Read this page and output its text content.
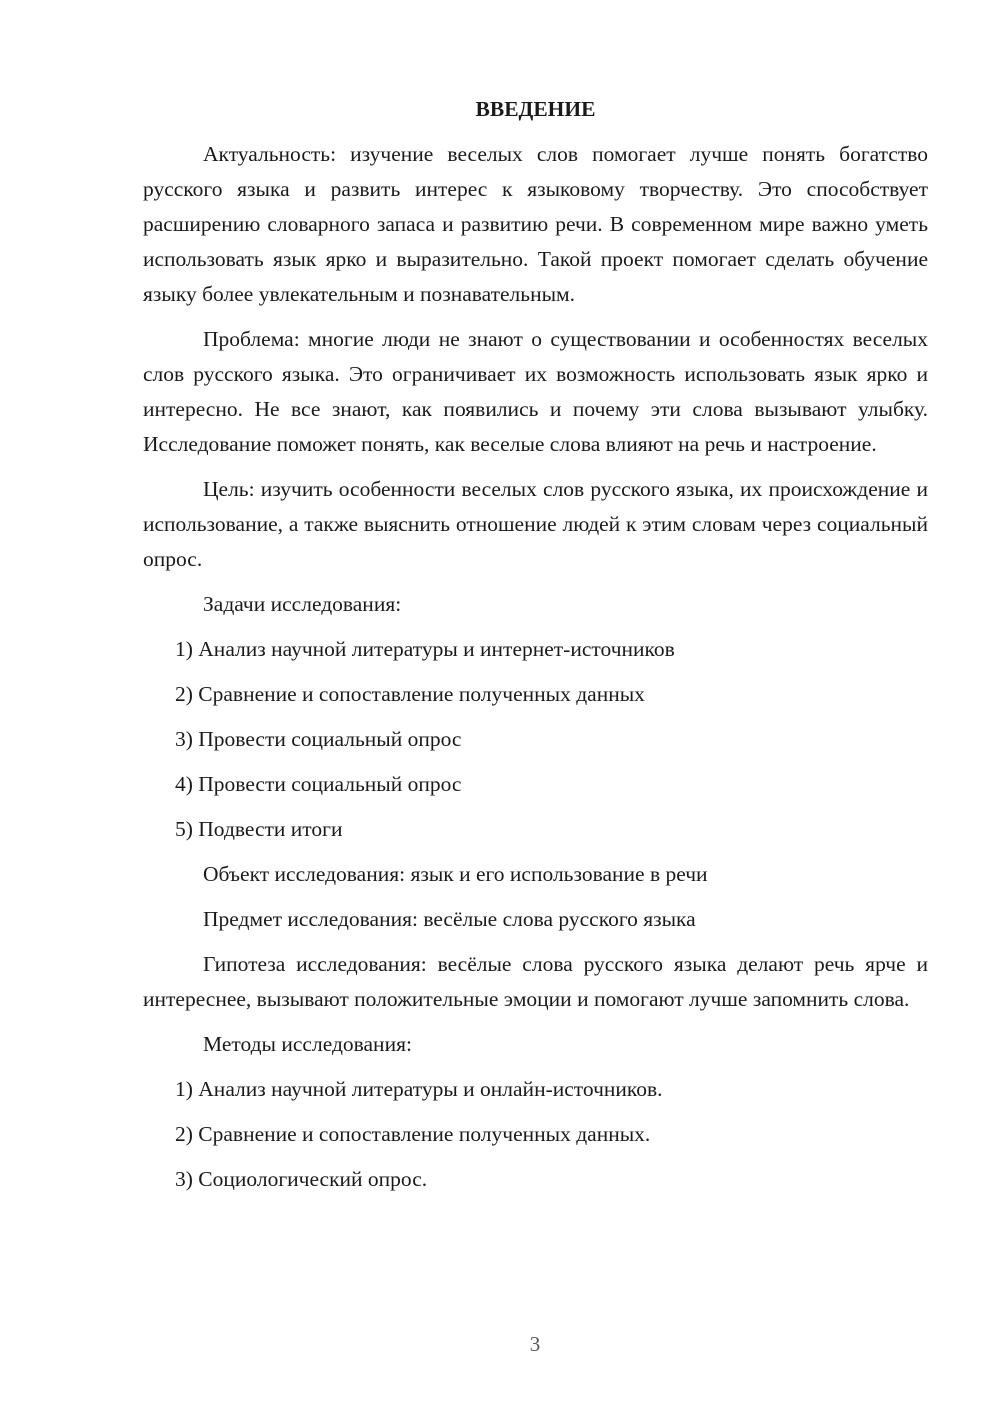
ВВЕДЕНИЕ

Актуальность: изучение веселых слов помогает лучше понять богатство русского языка и развить интерес к языковому творчеству. Это способствует расширению словарного запаса и развитию речи. В современном мире важно уметь использовать язык ярко и выразительно. Такой проект помогает сделать обучение языку более увлекательным и познавательным.

Проблема: многие люди не знают о существовании и особенностях веселых слов русского языка. Это ограничивает их возможность использовать язык ярко и интересно. Не все знают, как появились и почему эти слова вызывают улыбку. Исследование поможет понять, как веселые слова влияют на речь и настроение.

Цель: изучить особенности веселых слов русского языка, их происхождение и использование, а также выяснить отношение людей к этим словам через социальный опрос.

Задачи исследования:
1) Анализ научной литературы и интернет-источников
2) Сравнение и сопоставление полученных данных
3) Провести социальный опрос
4) Провести социальный опрос
5) Подвести итоги
Объект исследования: язык и его использование в речи
Предмет исследования: весёлые слова русского языка

Гипотеза исследования: весёлые слова русского языка делают речь ярче и интереснее, вызывают положительные эмоции и помогают лучше запомнить слова.

Методы исследования:
1) Анализ научной литературы и онлайн-источников.
2) Сравнение и сопоставление полученных данных.
3) Социологический опрос.
3
